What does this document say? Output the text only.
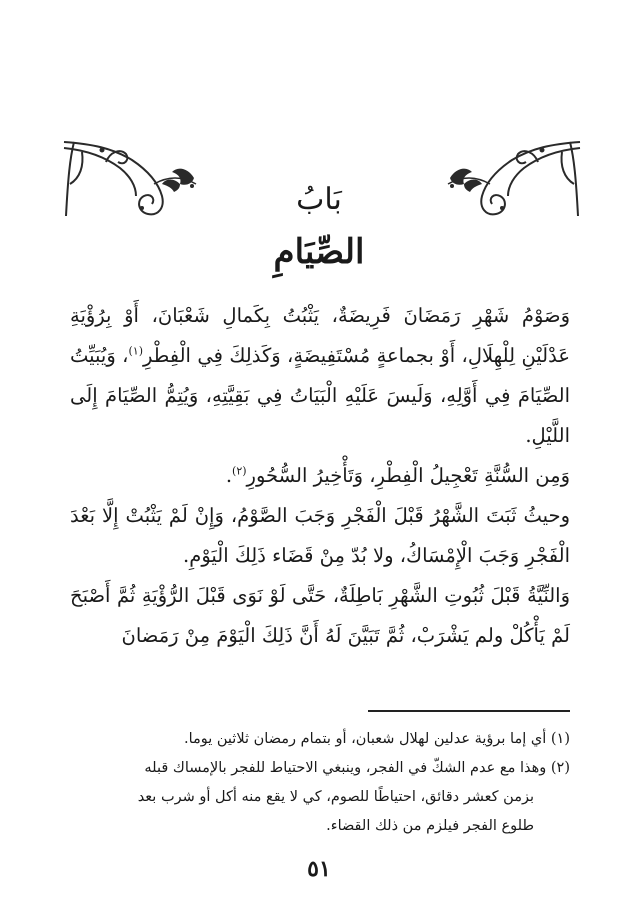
بَابُ
الصِّيَامِ

وَصَوْمُ شَهْرِ رَمَضَانَ فَرِيضَةٌ، يَثْبُتُ بِكَمالِ شَعْبَانَ، أَوْ بِرُؤْيَةِ عَدْلَيْنِ لِلْهِلَالِ، أَوْ بجماعةٍ مُسْتَفِيضَةٍ، وَكَذلِكَ فِي الْفِطْرِ$^{(١)}$، وَيُبَيِّتُ الصِّيَامَ فِي أَوَّلِهِ، وَلَيسَ عَلَيْهِ الْبَيَاتُ فِي بَقِيَّتِهِ، وَيُتِمُّ الصِّيَامَ إِلَى اللَّيْلِ.

وَمِن السُّنَّةِ تَعْجِيلُ الْفِطْرِ، وَتَأْخِيرُ السُّحُورِ$^{(٢)}$.

وحيثُ ثَبَتَ الشَّهْرُ قَبْلَ الْفَجْرِ وَجَبَ الصَّوْمُ، وَإِنْ لَمْ يَثْبُتْ إِلَّا بَعْدَ الْفَجْرِ وَجَبَ الْإِمْسَاكُ، ولا بُدّ مِنْ قَضَاء ذَلِكَ الْيَوْمِ.

وَالنِّيَّةُ قَبْلَ ثُبُوتِ الشَّهْرِ بَاطِلَةٌ، حَتَّى لَوْ نَوَى قَبْلَ الرُّؤْيَةِ ثُمَّ أَصْبَحَ لَمْ يَأْكُلْ ولم يَشْرَبْ، ثُمَّ تَبَيَّنَ لَهُ أَنَّ ذَلِكَ الْيَوْمَ مِنْ رَمَضانَ

(١) أي إما برؤية عدلين لهلال شعبان، أو بتمام رمضان ثلاثين يوما.

(٢) وهذا مع عدم الشكّ في الفجر، وينبغي الاحتياط للفجر بالإمساك قبله

بزمن كعشر دقائق، احتياطًا للصوم، كي لا يقع منه أكل أو شرب بعد

طلوع الفجر فيلزم من ذلك القضاء.

٥١
